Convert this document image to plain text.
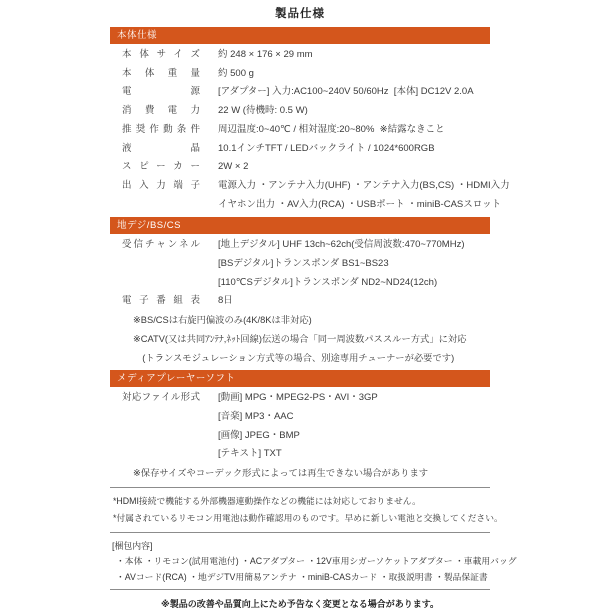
製品仕様
本体仕様
本体サイズ 約 248 × 176 × 29 mm
本体重量 約 500 g
電源 [アダプター] 入力:AC100~240V 50/60Hz  [本体] DC12V 2.0A
消費電力 22 W (待機時: 0.5 W)
推奨作動条件 周辺温度:0~40℃ / 相対湿度:20~80%  ※結露なきこと
液晶 10.1インチTFT / LEDバックライト / 1024*600RGB
スピーカー 2W × 2
出入力端子 電源入力 ・アンテナ入力(UHF) ・アンテナ入力(BS,CS) ・HDMI入力
イヤホン出力 ・AV入力(RCA) ・USBポート ・miniB-CASスロット
地デジ/BS/CS
受信チャンネル [地上デジタル] UHF 13ch~62ch(受信周波数:470~770MHz)
[BSデジタル]トランスポンダ BS1~BS23
[110℃Sデジタル]トランスポンダ ND2~ND24(12ch)
電子番組表 8日
※BS/CSは右旋円偏波のみ(4K/8Kは非対応)
※CATV(又は共同ｱﾝﾃﾅ,ﾈｯﾄ回線)伝送の場合「同一周波数パススルー方式」に対応
　(トランスモジュレーション方式等の場合、別途専用チューナーが必要です)
メディアプレーヤーソフト
対応ファイル形式 [動画] MPG・MPEG2-PS・AVI・3GP
[音楽] MP3・AAC
[画像] JPEG・BMP
[テキスト] TXT
※保存サイズやコーデック形式によっては再生できない場合があります
*HDMI接続で機能する外部機器連動操作などの機能には対応しておりません。
*付属されているリモコン用電池は動作確認用のものです。早めに新しい電池と交換してください。
[梱包内容]
・本体 ・リモコン(試用電池付) ・ACアダプター ・12V車用シガーソケットアダプター ・車載用バッグ
・AVコード(RCA) ・地デジTV用簡易アンテナ ・miniB-CASカード ・取扱説明書 ・製品保証書
※製品の改善や品質向上にため予告なく変更となる場合があります。
